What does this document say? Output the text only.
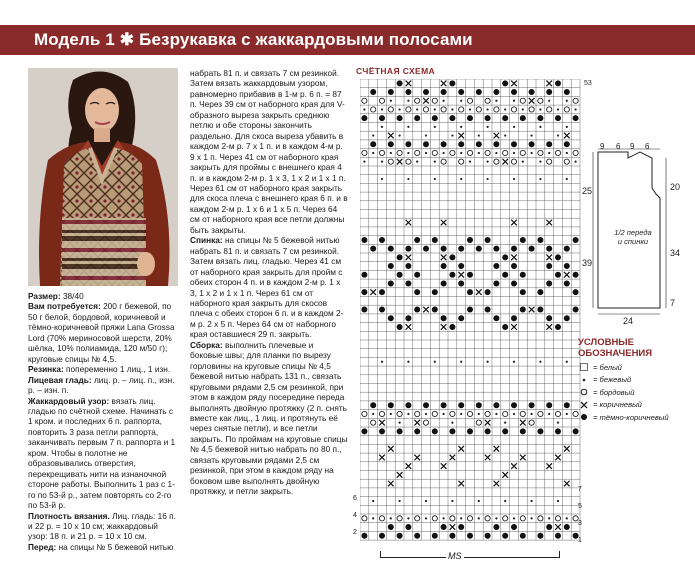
Модель 1 ✱ Безрукавка с жаккардовыми полосами

Размер: 38/40

Вам потребуется: 200 г бежевой, по 50 г белой, бордовой, коричневой и тёмно-коричневой пряжи Lana Grossa Lord (70% мериносовой шерсти, 20% шёлка, 10% полиамида, 120 м/50 г); круговые спицы № 4,5.

Резинка: попеременно 1 лиц., 1 изн.

Лицевая гладь: лиц. р. – лиц. п., изн. р. – изн. п.

Жаккардовый узор: вязать лиц. гладью по счётной схеме. Начинать с 1 кром. и последних 6 п. раппорта, повторить 3 раза петли раппорта, заканчивать первым 7 п. раппорта и 1 кром. Чтобы в полотне не образовывались отверстия, перекрещивать нити на изнаночной стороне работы. Выполнить 1 раз с 1-го по 53-й р., затем повторять со 2-го по 53-й р.

Плотность вязания. Лиц. гладь: 16 п. и 22 р. = 10 х 10 см; жаккардовый узор: 18 п. и 21 р. = 10 х 10 см.

Перед: на спицы № 5 бежевой нитью

набрать 81 п. и связать 7 см резинкой. Затем вязать жаккардовым узором, равномерно прибавив в 1-м р. 6 п. = 87 п. Через 39 см от наборного края для V-образного выреза закрыть среднюю петлю и обе стороны закончить раздельно. Для скоса выреза убавить в каждом 2-м р. 7 х 1 п. и в каждом 4-м р. 9 х 1 п. Через 41 см от наборного края закрыть для проймы с внешнего края 4 п. и в каждом 2-м р. 1 х 3, 1 х 2 и 1 х 1 п. Через 61 см от наборного края закрыть для скоса плеча с внешнего края 6 п. и в каждом 2-м р. 1 х 6 и 1 х 5 п. Через 64 см от наборного края все петли должны быть закрыты.

Спинка: на спицы № 5 бежевой нитью набрать 81 п. и связать 7 см резинкой. Затем вязать лиц. гладью. Через 41 см от наборного края закрыть для пройм с обеих сторон 4 п. и в каждом 2-м р. 1 х 3, 1 х 2 и 1 х 1 п. Через 61 см от наборного края закрыть для скосов плеча с обеих сторон 6 п. и в каждом 2-м р. 2 х 5 п. Через 64 см от наборного края оставшиеся 29 п. закрыть.

Сборка: выполнить плечевые и боковые швы; для планки по вырезу горловины на круговые спицы № 4,5 бежевой нитью набрать 131 п., связать круговыми рядами 2,5 см резинкой, при этом в каждом ряду посередине переда выполнять двойную протяжку (2 п. снять вместе как лиц., 1 лиц. и протянуть её через снятые петли), и все петли закрыть. По проймам на круговые спицы № 4,5 бежевой нитью набрать по 80 п., связать круговыми рядами 2,5 см резинкой, при этом в каждом ряду на боковом шве выполнять двойную протяжку, и петли закрыть.

СЧЁТНАЯ СХЕМА
53
6
4
2
7
5
3
1
MS
9 6 9 6
25
39
20
34
7
24
1/2 переда
и спинки
УСЛОВНЫЕ
ОБОЗНАЧЕНИЯ
= белый
= бежевый
= бордовый
= коричневый
= тёмно-коричневый
